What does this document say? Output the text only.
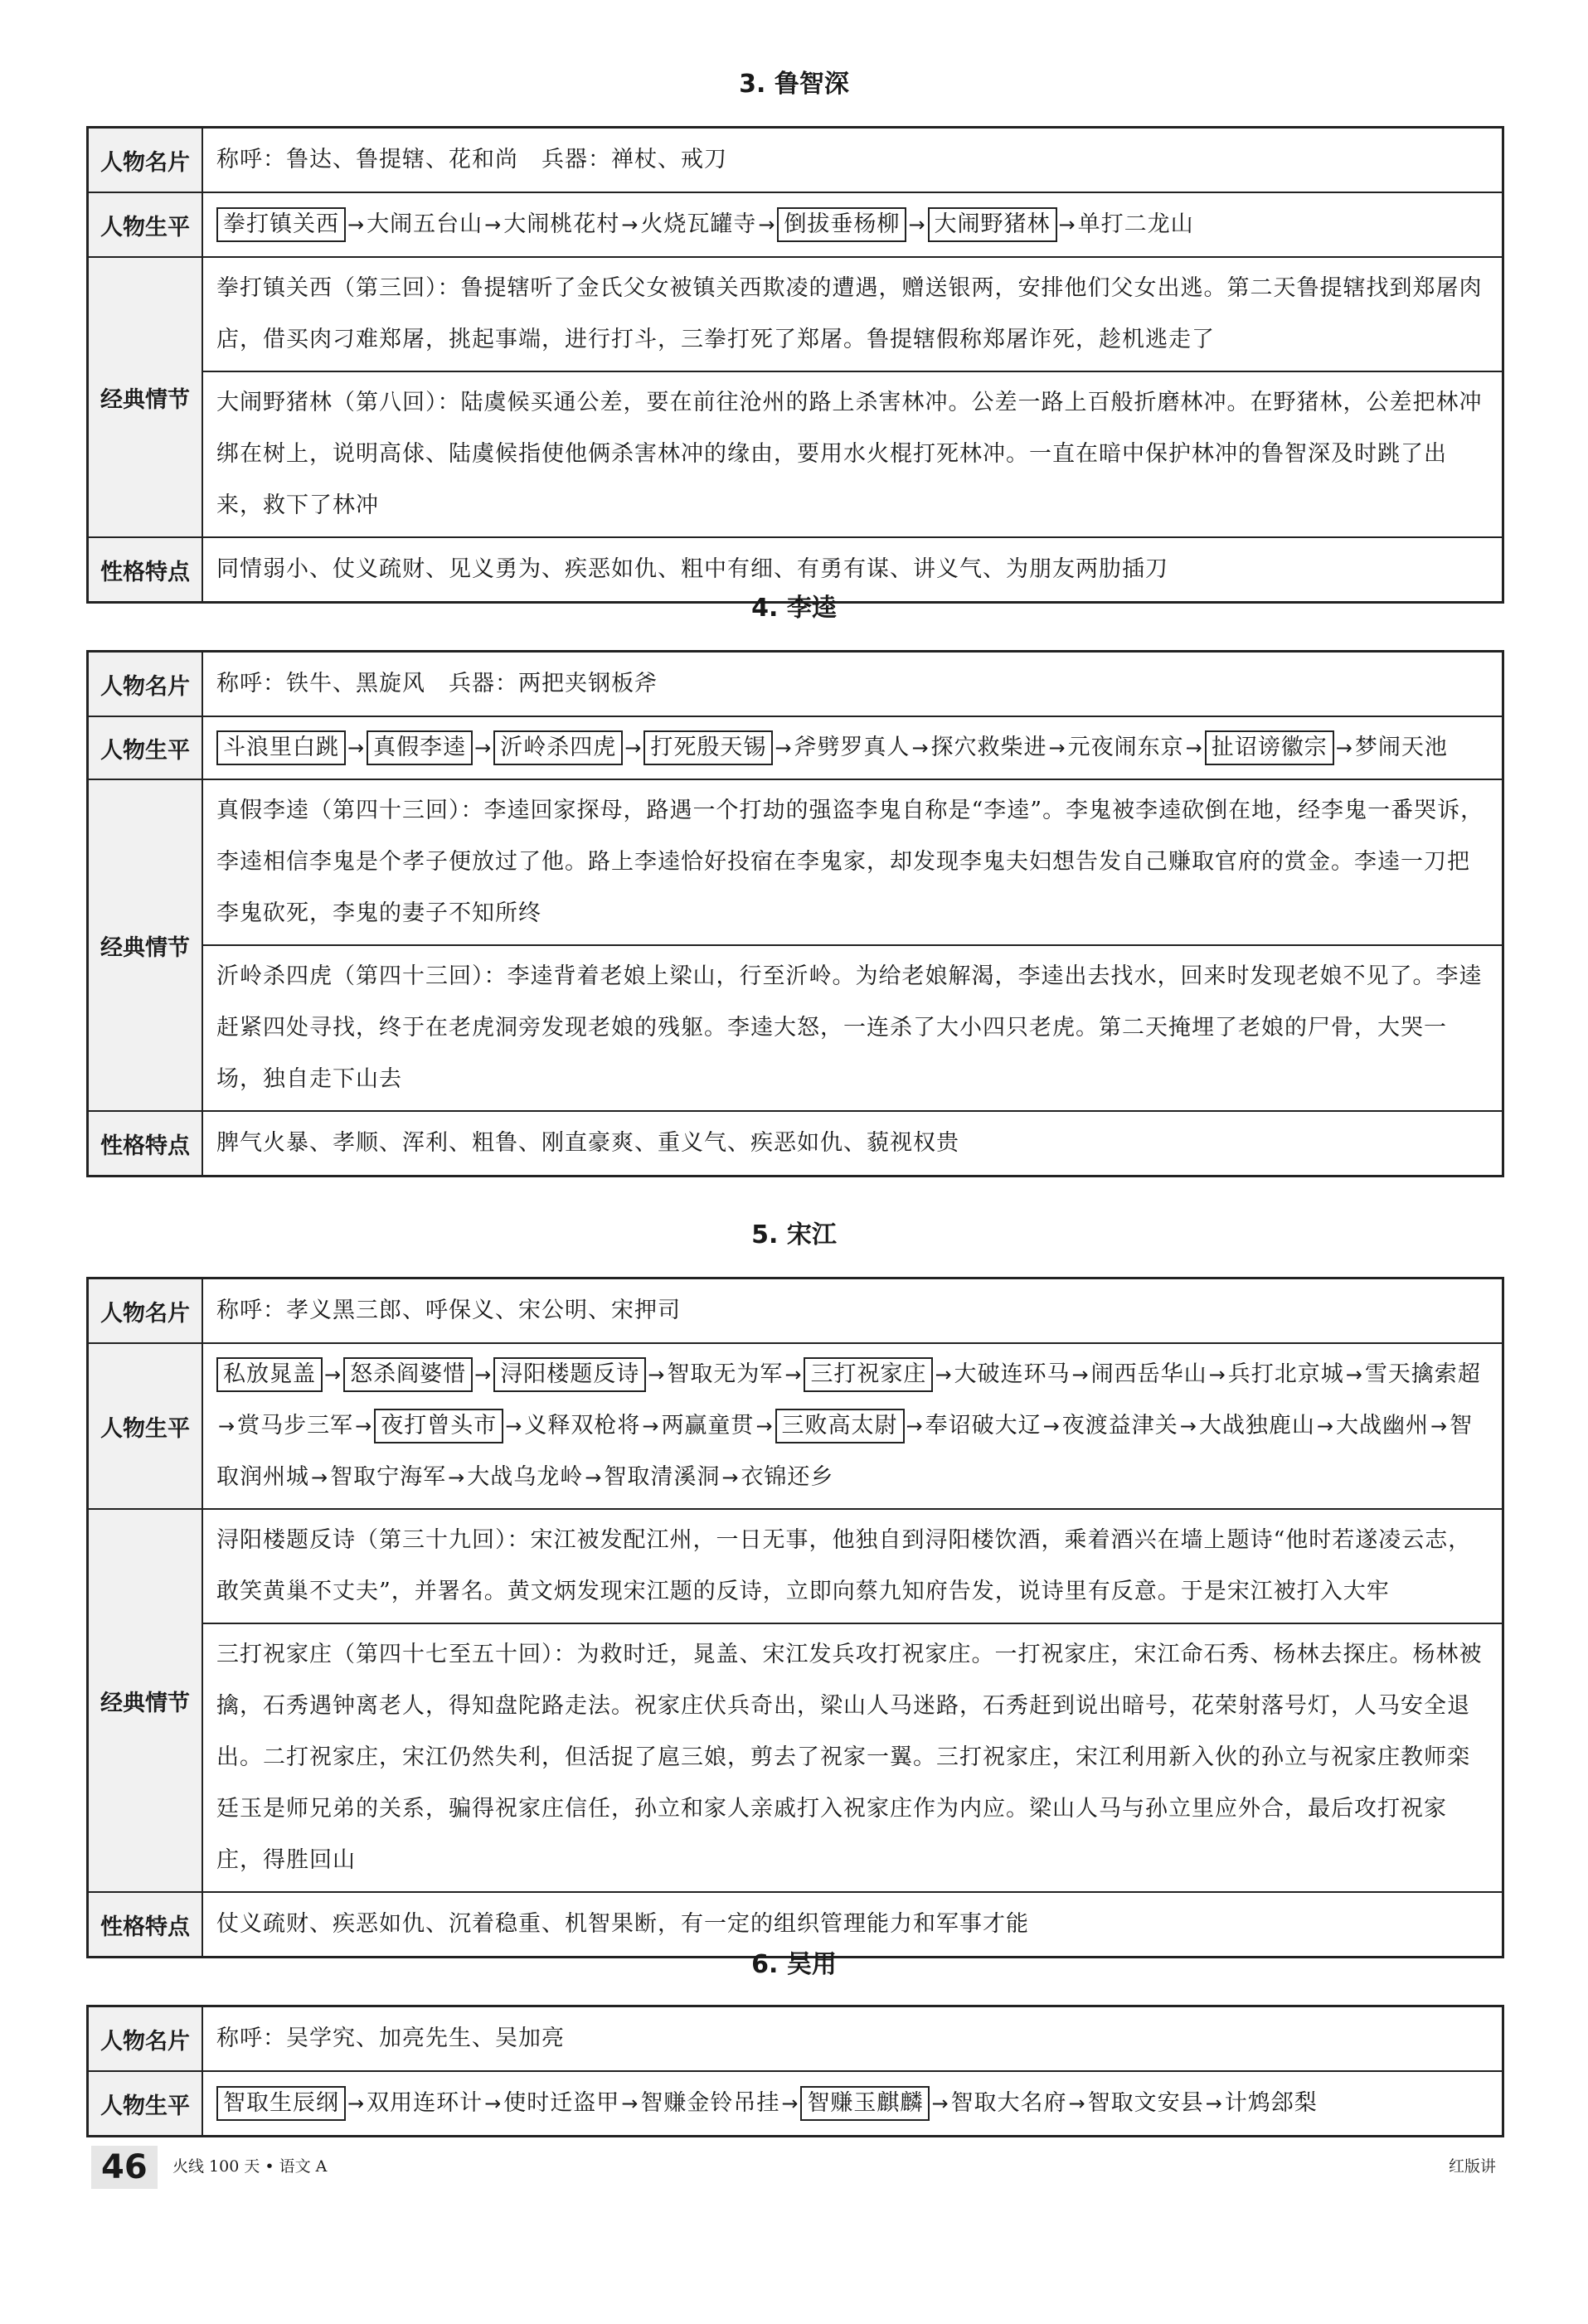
3. 鲁智深
人物名片	称呼：鲁达、鲁提辖、花和尚　兵器：禅杖、戒刀
人物生平	拳打镇关西 →大闹五台山→大闹桃花村→火烧瓦罐寺→ 倒拔垂杨柳 → 大闹野猪林 →单打二龙山
经典情节	拳打镇关西（第三回）：鲁提辖听了金氏父女被镇关西欺凌的遭遇，赠送银两，安排他们父女出逃。第二天鲁提辖找到郑屠肉店，借买肉刁难郑屠，挑起事端，进行打斗，三拳打死了郑屠。鲁提辖假称郑屠诈死，趁机逃走了
	大闹野猪林（第八回）：陆虞候买通公差，要在前往沧州的路上杀害林冲。公差一路上百般折磨林冲。在野猪林，公差把林冲绑在树上，说明高俅、陆虞候指使他俩杀害林冲的缘由，要用水火棍打死林冲。一直在暗中保护林冲的鲁智深及时跳了出来，救下了林冲
性格特点	同情弱小、仗义疏财、见义勇为、疾恶如仇、粗中有细、有勇有谋、讲义气、为朋友两肋插刀
4. 李逵
人物名片	称呼：铁牛、黑旋风　兵器：两把夹钢板斧
人物生平	斗浪里白跳 → 真假李逵 → 沂岭杀四虎 → 打死殷天锡 →斧劈罗真人→探穴救柴进→元夜闹东京→ 扯诏谤徽宗 →梦闹天池
经典情节	真假李逵（第四十三回）：李逵回家探母，路遇一个打劫的强盗李鬼自称是“李逵”。李鬼被李逵砍倒在地，经李鬼一番哭诉，李逵相信李鬼是个孝子便放过了他。路上李逵恰好投宿在李鬼家，却发现李鬼夫妇想告发自己赚取官府的赏金。李逵一刀把李鬼砍死，李鬼的妻子不知所终
	沂岭杀四虎（第四十三回）：李逵背着老娘上梁山，行至沂岭。为给老娘解渴，李逵出去找水，回来时发现老娘不见了。李逵赶紧四处寻找，终于在老虎洞旁发现老娘的残躯。李逵大怒，一连杀了大小四只老虎。第二天掩埋了老娘的尸骨，大哭一场，独自走下山去
性格特点	脾气火暴、孝顺、浑利、粗鲁、刚直豪爽、重义气、疾恶如仇、藐视权贵
5. 宋江
人物名片	称呼：孝义黑三郎、呼保义、宋公明、宋押司
人物生平	私放晁盖 → 怒杀阎婆惜 → 浔阳楼题反诗 →智取无为军→ 三打祝家庄 →大破连环马→闹西岳华山→兵打北京城→雪天擒索超→赏马步三军→ 夜打曾头市 →义释双枪将→两赢童贯→ 三败高太尉 →奉诏破大辽→夜渡益津关→大战独鹿山→大战幽州→智取润州城→智取宁海军→大战乌龙岭→智取清溪洞→衣锦还乡
经典情节	浔阳楼题反诗（第三十九回）：宋江被发配江州，一日无事，他独自到浔阳楼饮酒，乘着酒兴在墙上题诗“他时若遂凌云志，敢笑黄巢不丈夫”，并署名。黄文炳发现宋江题的反诗，立即向蔡九知府告发，说诗里有反意。于是宋江被打入大牢
	三打祝家庄（第四十七至五十回）：为救时迁，晁盖、宋江发兵攻打祝家庄。一打祝家庄，宋江命石秀、杨林去探庄。杨林被擒，石秀遇钟离老人，得知盘陀路走法。祝家庄伏兵奇出，梁山人马迷路，石秀赶到说出暗号，花荣射落号灯，人马安全退出。二打祝家庄，宋江仍然失利，但活捉了扈三娘，剪去了祝家一翼。三打祝家庄，宋江利用新入伙的孙立与祝家庄教师栾廷玉是师兄弟的关系，骗得祝家庄信任，孙立和家人亲戚打入祝家庄作为内应。梁山人马与孙立里应外合，最后攻打祝家庄，得胜回山
性格特点	仗义疏财、疾恶如仇、沉着稳重、机智果断，有一定的组织管理能力和军事才能
6. 吴用
人物名片	称呼：吴学究、加亮先生、吴加亮
人物生平	智取生辰纲 →双用连环计→使时迁盗甲→智赚金铃吊挂→ 智赚玉麒麟 →智取大名府→智取文安县→计鸩郐梨
46	火线 100 天 • 语文 A	红版讲
